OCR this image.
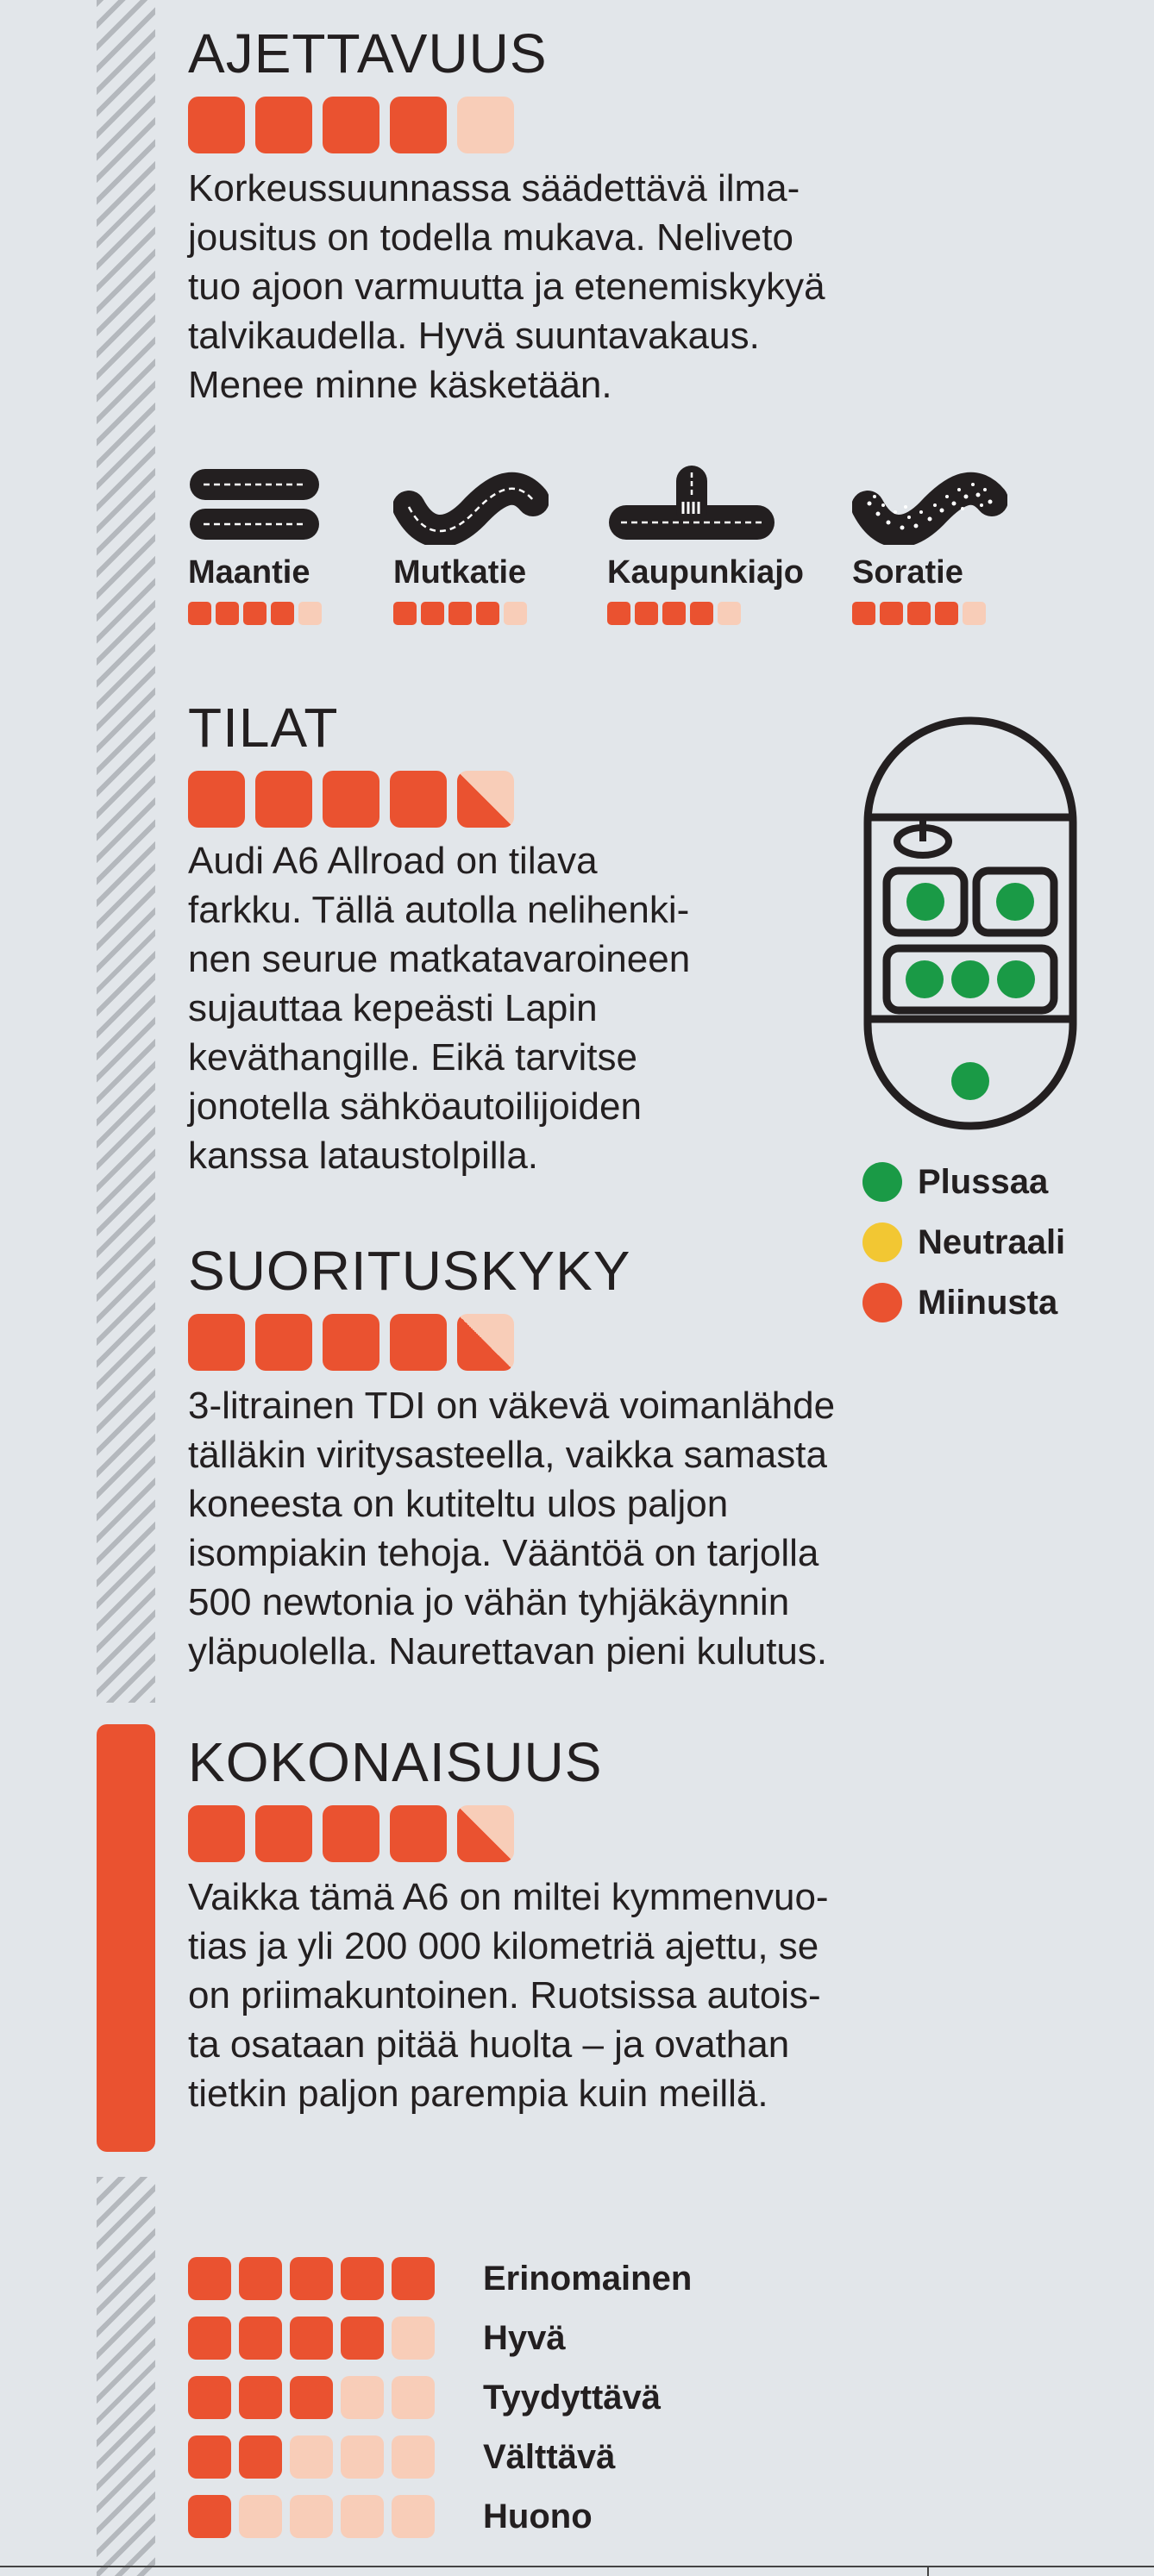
AJETTAVUUS
Korkeussuunnassa säädettävä ilma-
jousitus on todella mukava. Neliveto
tuo ajoon varmuutta ja etenemiskykyä
talvikaudella. Hyvä suuntavakaus.
Menee minne käsketään.
Maantie	Mutkatie	Kaupunkiajo Soratie
TILAT
Audi A6 Allroad on tilava
farkku. Tällä autolla nelihenki-
nen seurue matkatavaroineen
sujauttaa kepeästi Lapin
keväthangille. Eikä tarvitse
jonotella sähköautoilijoiden
kanssa lataustolpilla.
Plussaa
Neutraali
Miinusta
SUORITUSKYKY
3-litrainen TDI on väkevä voimanlähde
tälläkin viritysasteella, vaikka samasta
koneesta on kutiteltu ulos paljon
isompiakin tehoja. Vääntöä on tarjolla
500 newtonia jo vähän tyhjäkäynnin
yläpuolella. Naurettavan pieni kulutus.
KOKONAISUUS
Vaikka tämä A6 on miltei kymmenvuo-
tias ja yli 200 000 kilometriä ajettu, se
on priimakuntoinen. Ruotsissa autois-
ta osataan pitää huolta – ja ovathan
tietkin paljon parempia kuin meillä.
Erinomainen
Hyvä
Tyydyttävä
Välttävä
Huono
